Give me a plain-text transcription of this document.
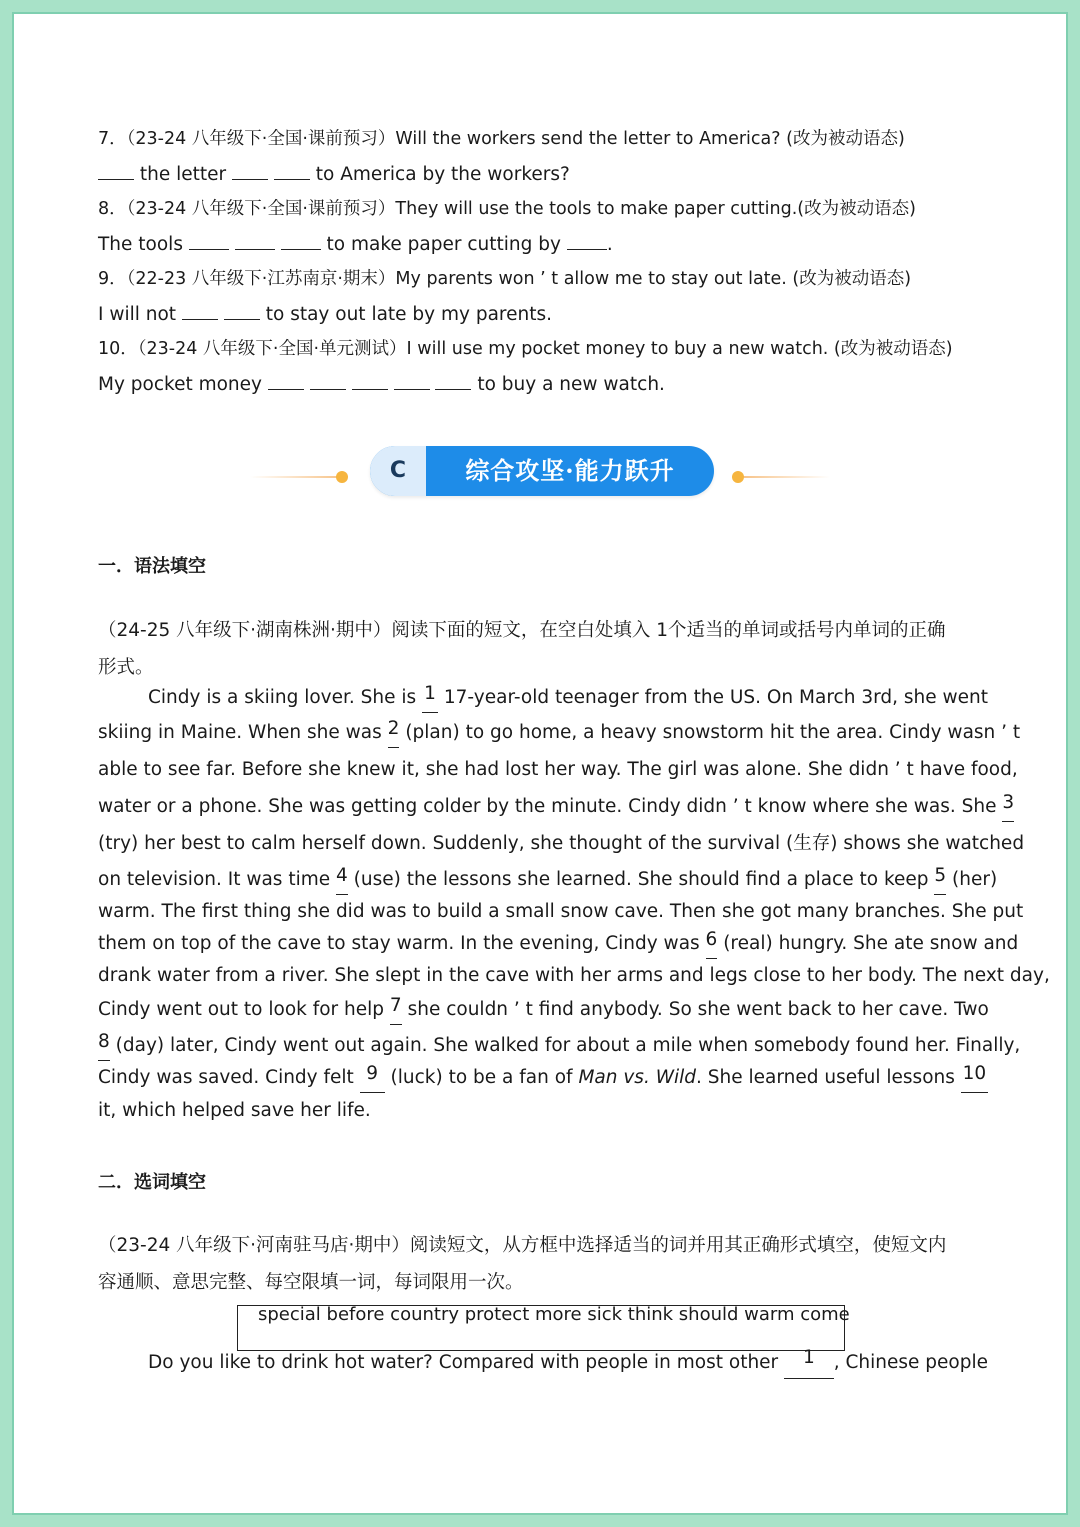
7．（23-24 八年级下·全国·课前预习）Will the workers send the letter to America? (改为被动语态)
the letter	to America by the workers?
8．（23-24 八年级下·全国·课前预习）They will use the tools to make paper cutting.(改为被动语态)
The tools	to make paper cutting by .
9．（22-23 八年级下·江苏南京·期末）My parents won ’ t allow me to stay out late. (改为被动语态)
I will not	to stay out late by my parents.
10．（23-24 八年级下·全国·单元测试）I will use my pocket money to buy a new watch. (改为被动语态)
My pocket money	to buy a new watch.
C	综合攻坚·能力跃升
一．语法填空
（24-25 八年级下·湖南株洲·期中）阅读下面的短文，在空白处填入 1个适当的单词或括号内单词的正确
形式。
Cindy is a skiing lover. She is 1 17-year-old teenager from the US. On March 3rd, she went
skiing in Maine. When she was 2 (plan) to go home, a heavy snowstorm hit the area. Cindy wasn ’ t
able to see far. Before she knew it, she had lost her way. The girl was alone. She didn ’ t have food,
water or a phone. She was getting colder by the minute. Cindy didn ’ t know where she was. She 3
(try) her best to calm herself down. Suddenly, she thought of the survival (生存) shows she watched
on television. It was time 4 (use) the lessons she learned. She should find a place to keep 5 (her)
warm. The first thing she did was to build a small snow cave. Then she got many branches. She put
them on top of the cave to stay warm. In the evening, Cindy was 6 (real) hungry. She ate snow and
drank water from a river. She slept in the cave with her arms and legs close to her body. The next day,
Cindy went out to look for help 7 she couldn ’ t find anybody. So she went back to her cave. Two
8 (day) later, Cindy went out again. She walked for about a mile when somebody found her. Finally,
Cindy was saved. Cindy felt 9 (luck) to be a fan of Man vs. Wild . She learned useful lessons 10
it, which helped save her life.
二．选词填空
（23-24 八年级下·河南驻马店·期中）阅读短文，从方框中选择适当的词并用其正确形式填空，使短文内
容通顺、意思完整、每空限填一词，每词限用一次。
special before country protect more sick think should warm come
Do you like to drink hot water? Compared with people in most other	1	, Chinese people
